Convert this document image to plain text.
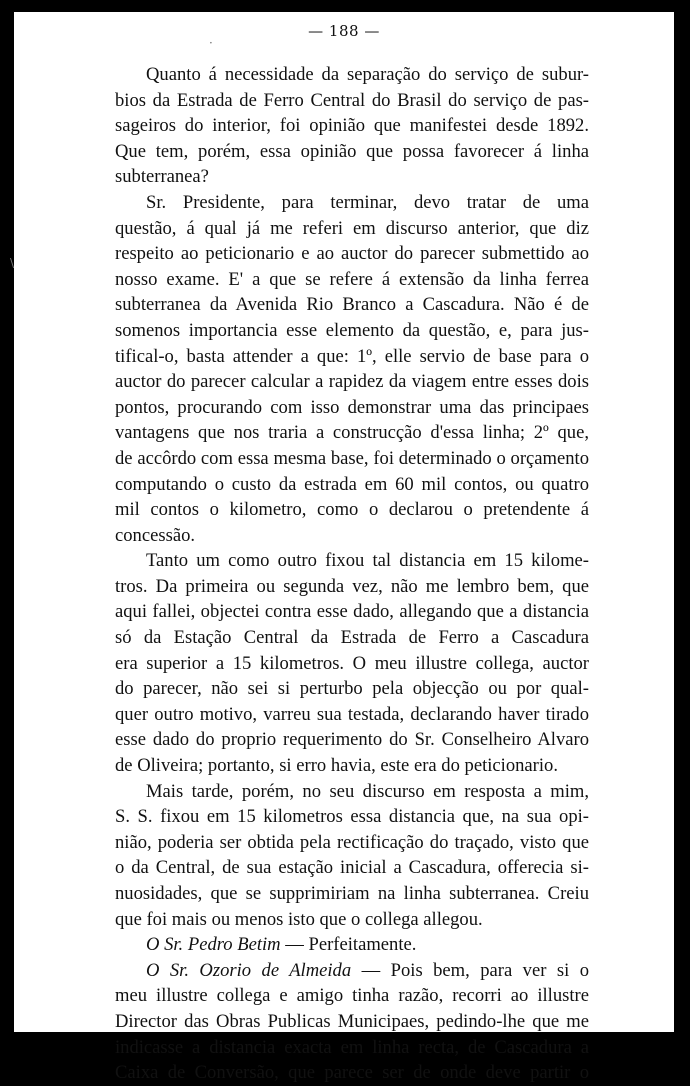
— 188 —
·
\
Quanto á necessidade da separação do serviço de subur-
bios da Estrada de Ferro Central do Brasil do serviço de pas-
sageiros do interior, foi opinião que manifestei desde 1892.
Que tem, porém, essa opinião que possa favorecer á linha
subterranea?
Sr. Presidente, para terminar, devo tratar de uma
questão, á qual já me referi em discurso anterior, que diz
respeito ao peticionario e ao auctor do parecer submettido ao
nosso exame. E' a que se refere á extensão da linha ferrea
subterranea da Avenida Rio Branco a Cascadura. Não é de
somenos importancia esse elemento da questão, e, para jus-
tifical-o, basta attender a que: 1º, elle servio de base para o
auctor do parecer calcular a rapidez da viagem entre esses dois
pontos, procurando com isso demonstrar uma das principaes
vantagens que nos traria a construcção d'essa linha; 2º que,
de accôrdo com essa mesma base, foi determinado o orçamento
computando o custo da estrada em 60 mil contos, ou quatro
mil contos o kilometro, como o declarou o pretendente á
concessão.
Tanto um como outro fixou tal distancia em 15 kilome-
tros. Da primeira ou segunda vez, não me lembro bem, que
aqui fallei, objectei contra esse dado, allegando que a distancia
só da Estação Central da Estrada de Ferro a Cascadura
era superior a 15 kilometros. O meu illustre collega, auctor
do parecer, não sei si perturbo pela objecção ou por qual-
quer outro motivo, varreu sua testada, declarando haver tirado
esse dado do proprio requerimento do Sr. Conselheiro Alvaro
de Oliveira; portanto, si erro havia, este era do peticionario.
Mais tarde, porém, no seu discurso em resposta a mim,
S. S. fixou em 15 kilometros essa distancia que, na sua opi-
nião, poderia ser obtida pela rectificação do traçado, visto que
o da Central, de sua estação inicial a Cascadura, offerecia si-
nuosidades, que se supprimiriam na linha subterranea. Creiu
que foi mais ou menos isto que o collega allegou.
O Sr. Pedro Betim — Perfeitamente.
O Sr. Ozorio de Almeida — Pois bem, para ver si o
meu illustre collega e amigo tinha razão, recorri ao illustre
Director das Obras Publicas Municipaes, pedindo-lhe que me
indicasse a distancia exacta em linha recta, de Cascadura a
Caixa de Conversão, que parece ser de onde deve partir o
